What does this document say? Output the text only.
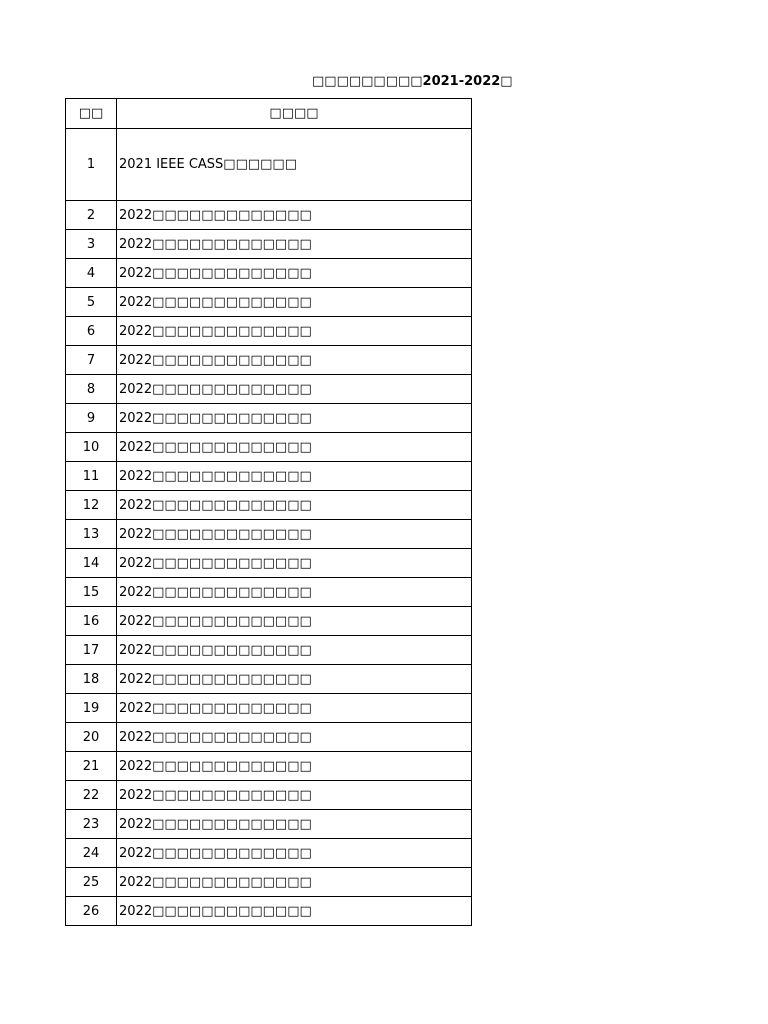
□□□□□□□□□2021-2022□
□□	□□□□
1	2021 IEEE CASS□□□□□□
2	2022□□□□□□□□□□□□□
3	2022□□□□□□□□□□□□□
4	2022□□□□□□□□□□□□□
5	2022□□□□□□□□□□□□□
6	2022□□□□□□□□□□□□□
7	2022□□□□□□□□□□□□□
8	2022□□□□□□□□□□□□□
9	2022□□□□□□□□□□□□□
10	2022□□□□□□□□□□□□□
11	2022□□□□□□□□□□□□□
12	2022□□□□□□□□□□□□□
13	2022□□□□□□□□□□□□□
14	2022□□□□□□□□□□□□□
15	2022□□□□□□□□□□□□□
16	2022□□□□□□□□□□□□□
17	2022□□□□□□□□□□□□□
18	2022□□□□□□□□□□□□□
19	2022□□□□□□□□□□□□□
20	2022□□□□□□□□□□□□□
21	2022□□□□□□□□□□□□□
22	2022□□□□□□□□□□□□□
23	2022□□□□□□□□□□□□□
24	2022□□□□□□□□□□□□□
25	2022□□□□□□□□□□□□□
26	2022□□□□□□□□□□□□□
